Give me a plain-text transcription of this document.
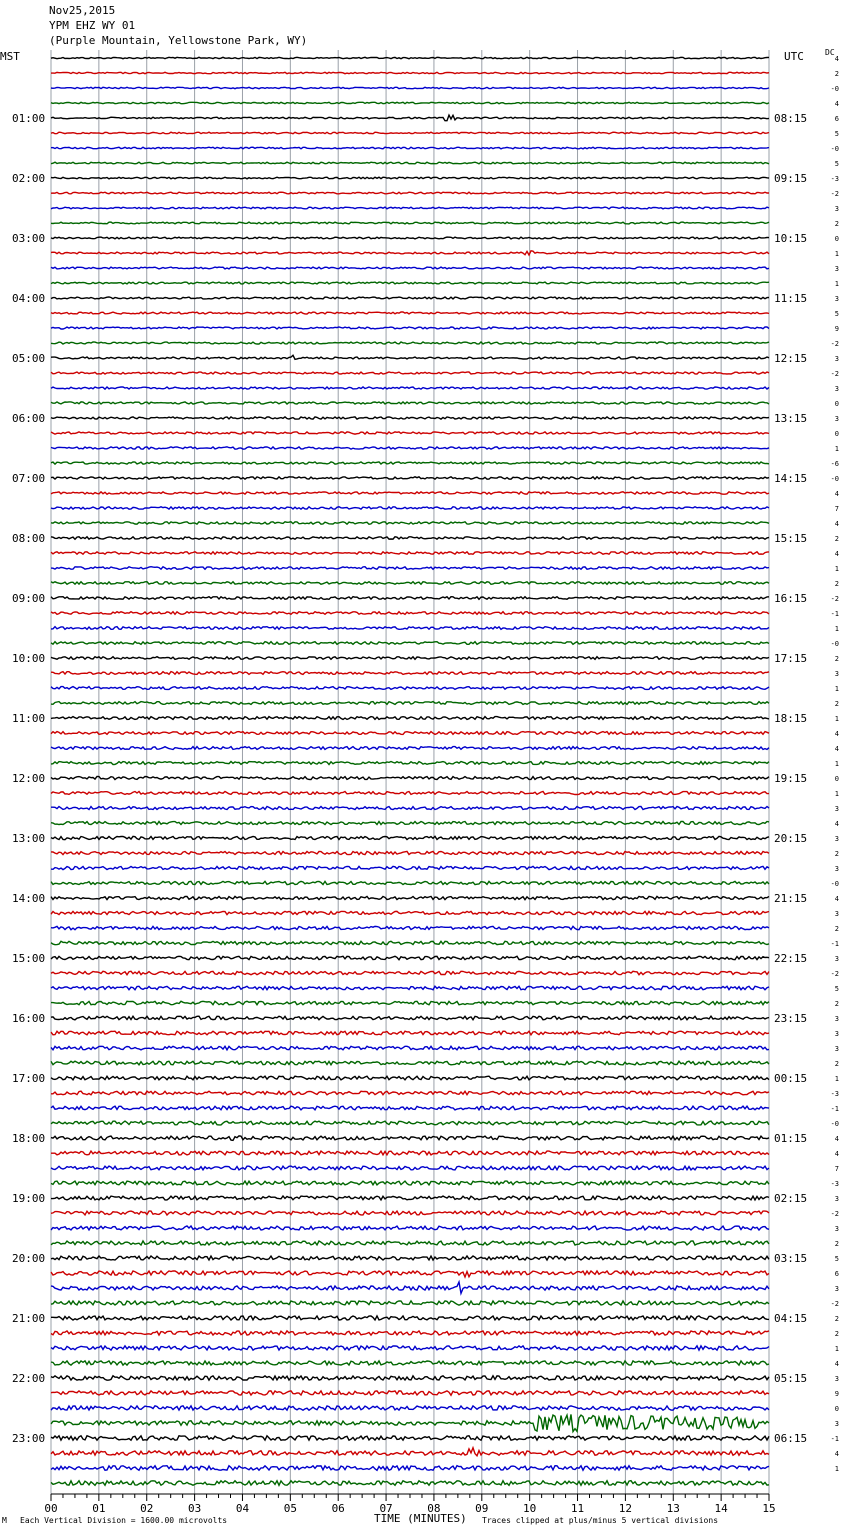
Nov25,2015
YPM EHZ WY 01
(Purple Mountain, Yellowstone Park, WY)
MST	UTC	DC
4
2
-0
4
6
5
-0
5
-3
-2
3
2
0
1
3
1
3
5
9
-2
3
-2
3
0
3
0
1
-6
-0
4
7
4
2
4
1
2
-2
-1
1
-0
2
3
1
2
1
4
4
1
0
1
3
4
3
2
3
-0
4
3
2
-1
3
-2
5
2
3
3
3
2
1
-3
-1
-0
4
4
7
-3
3
-2
3
2
5
6
3
-2
2
2
1
4
3
9
0
3
-1
4
1
01:00
02:00
03:00
04:00
05:00
06:00
07:00
08:00
09:00
10:00
11:00
12:00
13:00
14:00
15:00
16:00
17:00
18:00
19:00
20:00
21:00
22:00
23:00
08:15
09:15
10:15
11:15
12:15
13:15
14:15
15:15
16:15
17:15
18:15
19:15
20:15
21:15
22:15
23:15
00:15
01:15
02:15
03:15
04:15
05:15
06:15
00	01	02	03	04	05	06	07	08	09	10	11	12	13	14	15
M Each Vertical Division = 1600.00 microvolts	TIME (MINUTES) Traces clipped at plus/minus 5 vertical divisions
